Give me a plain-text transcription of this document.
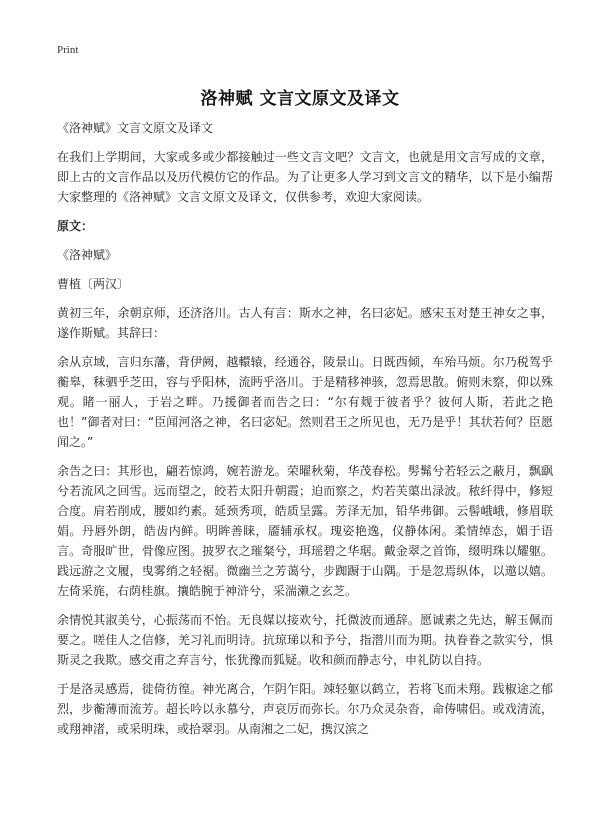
Print
洛神赋 文言文原文及译文

《洛神赋》文言文原文及译文

在我们上学期间，大家或多或少都接触过一些文言文吧？文言文，也就是用文言写成的文章，即上古的文言作品以及历代模仿它的作品。为了让更多人学习到文言文的精华，以下是小编帮大家整理的《洛神赋》文言文原文及译文，仅供参考，欢迎大家阅读。

原文：

《洛神赋》

曹植〔两汉〕

黄初三年，余朝京师，还济洛川。古人有言：斯水之神，名曰宓妃。感宋玉对楚王神女之事，遂作斯赋。其辞曰：

余从京域，言归东藩，背伊阙，越轘辕，经通谷，陵景山。日既西倾，车殆马烦。尔乃税驾乎蘅皋，秣驷乎芝田，容与乎阳林，流眄乎洛川。于是精移神骇，忽焉思散。俯则未察，仰以殊观。睹一丽人，于岩之畔。乃援御者而告之曰：“尔有觌于彼者乎？彼何人斯，若此之艳也！”御者对曰：“臣闻河洛之神，名曰宓妃。然则君王之所见也，无乃是乎！其状若何？臣愿闻之。”

余告之曰：其形也，翩若惊鸿，婉若游龙。荣曜秋菊，华茂春松。髣髴兮若轻云之蔽月，飘飖兮若流风之回雪。远而望之，皎若太阳升朝霞；迫而察之，灼若芙蕖出渌波。秾纤得中，修短合度。肩若削成，腰如约素。延颈秀项，皓质呈露。芳泽无加，铅华弗御。云髻峨峨，修眉联娟。丹唇外朗，皓齿内鲜。明眸善睐，靥辅承权。瑰姿艳逸，仪静体闲。柔情绰态，媚于语言。奇服旷世，骨像应图。披罗衣之璀粲兮，珥瑶碧之华琚。戴金翠之首饰，缀明珠以耀躯。践远游之文履，曳雾绡之轻裾。微幽兰之芳蔼兮，步踟蹰于山隅。于是忽焉纵体，以遨以嬉。左倚采旄，右荫桂旗。攘皓腕于神浒兮，采湍濑之玄芝。

余情悦其淑美兮，心振荡而不怡。无良媒以接欢兮，托微波而通辞。愿诚素之先达，解玉佩而要之。嗟佳人之信修，羌习礼而明诗。抗琼珶以和予兮，指潜川而为期。执眷眷之款实兮，惧斯灵之我欺。感交甫之弃言兮，怅犹豫而狐疑。收和颜而静志兮，申礼防以自持。

于是洛灵感焉，徙倚彷徨。神光离合，乍阴乍阳。竦轻躯以鹤立，若将飞而未翔。践椒途之郁烈，步蘅薄而流芳。超长吟以永慕兮，声哀厉而弥长。尔乃众灵杂沓，命俦啸侣。或戏清流，或翔神渚，或采明珠，或拾翠羽。从南湘之二妃，携汉滨之
